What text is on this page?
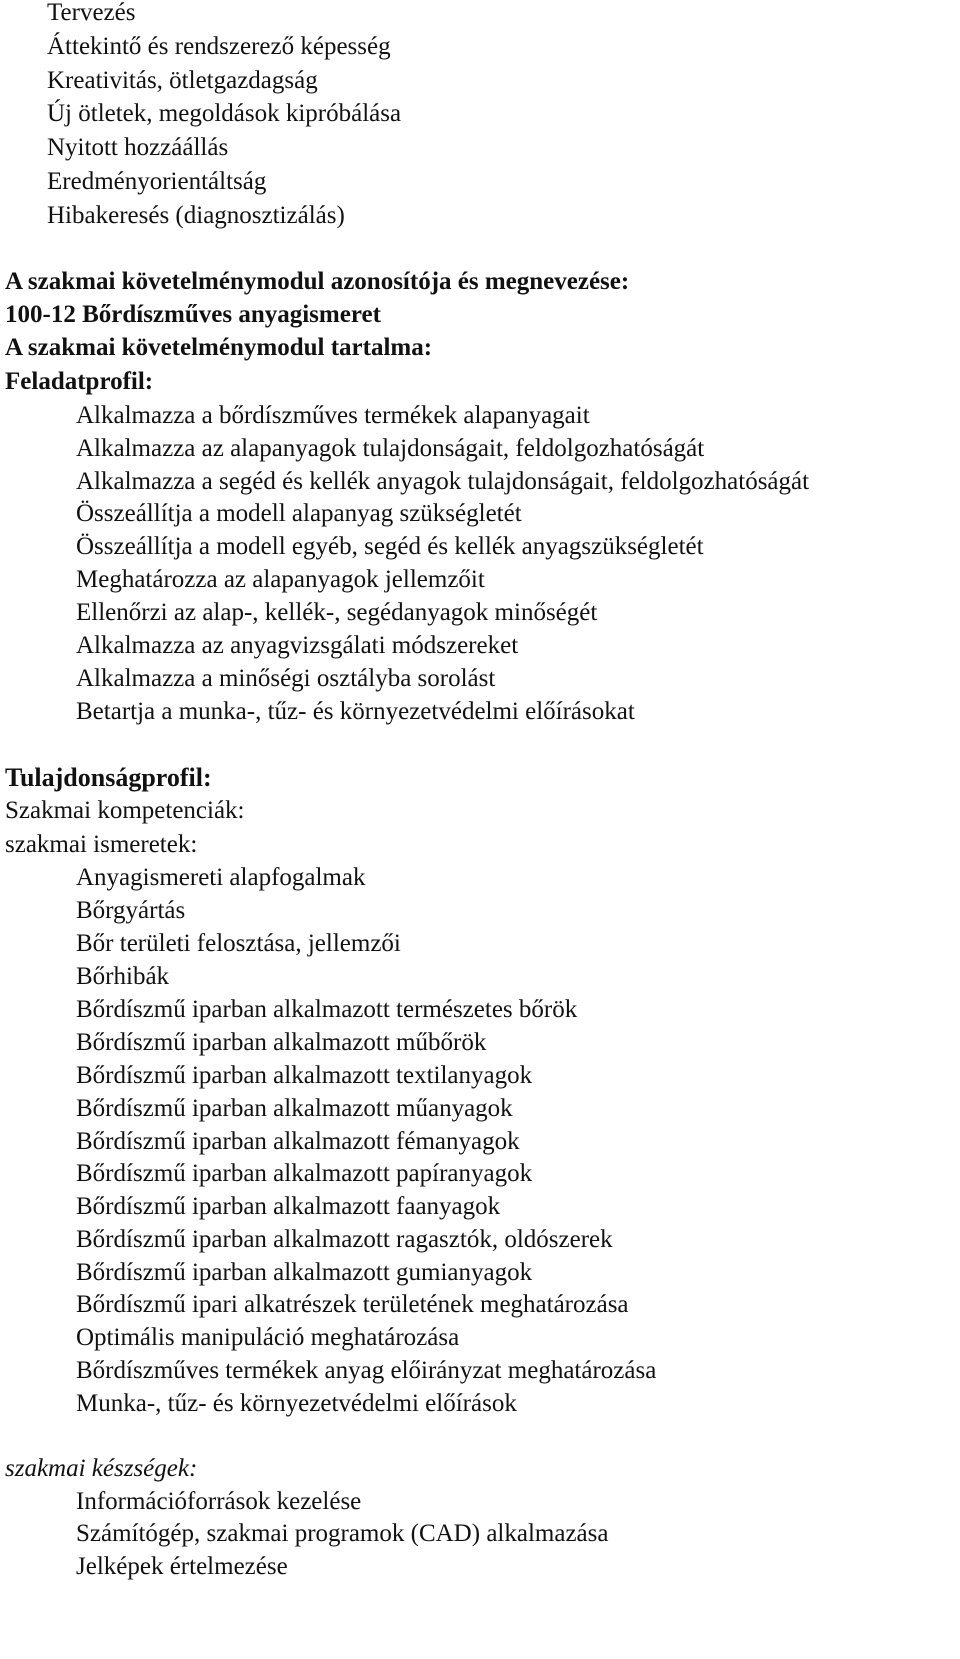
Tervezés
Áttekintő és rendszerező képesség
Kreativitás, ötletgazdagság
Új ötletek, megoldások kipróbálása
Nyitott hozzáállás
Eredményorientáltság
Hibakeresés (diagnosztizálás)
A szakmai követelménymodul azonosítója és megnevezése:
100-12 Bőrdíszműves anyagismeret
A szakmai követelménymodul tartalma:
Feladatprofil:
Alkalmazza a bőrdíszműves termékek alapanyagait
Alkalmazza az alapanyagok tulajdonságait, feldolgozhatóságát
Alkalmazza a segéd és kellék anyagok tulajdonságait, feldolgozhatóságát
Összeállítja a modell alapanyag szükségletét
Összeállítja a modell egyéb, segéd és kellék anyagszükségletét
Meghatározza az alapanyagok jellemzőit
Ellenőrzi az alap-, kellék-, segédanyagok minőségét
Alkalmazza az anyagvizsgálati módszereket
Alkalmazza a minőségi osztályba sorolást
Betartja a munka-, tűz- és környezetvédelmi előírásokat
Tulajdonságprofil:
Szakmai kompetenciák:
szakmai ismeretek:
Anyagismereti alapfogalmak
Bőrgyártás
Bőr területi felosztása, jellemzői
Bőrhibák
Bőrdíszmű iparban alkalmazott természetes bőrök
Bőrdíszmű iparban alkalmazott műbőrök
Bőrdíszmű iparban alkalmazott textilanyagok
Bőrdíszmű iparban alkalmazott műanyagok
Bőrdíszmű iparban alkalmazott fémanyagok
Bőrdíszmű iparban alkalmazott papíranyagok
Bőrdíszmű iparban alkalmazott faanyagok
Bőrdíszmű iparban alkalmazott ragasztók, oldószerek
Bőrdíszmű iparban alkalmazott gumianyagok
Bőrdíszmű ipari alkatrészek területének meghatározása
Optimális manipuláció meghatározása
Bőrdíszműves termékek anyag előirányzat meghatározása
Munka-, tűz- és környezetvédelmi előírások
szakmai készségek:
Információforrások kezelése
Számítógép, szakmai programok (CAD) alkalmazása
Jelképek értelmezése
